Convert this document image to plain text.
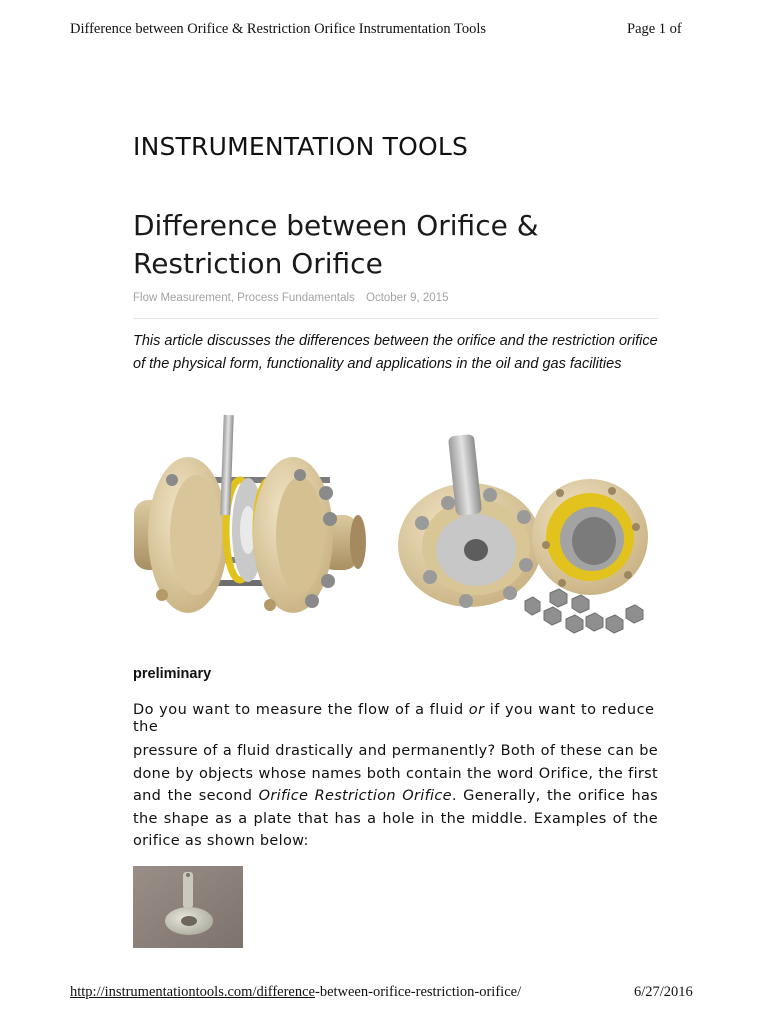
Difference between Orifice & Restriction Orifice Instrumentation Tools	Page 1 of
INSTRUMENTATION TOOLS
Difference between Orifice & Restriction Orifice
Flow Measurement, Process Fundamentals October 9, 2015

This article discusses the differences between the orifice and the restriction orifice of the physical form, functionality and applications in the oil and gas facilities

preliminary

Do you want to measure the flow of a fluid or if you want to reduce the

pressure of a fluid drastically and permanently? Both of these can be done by objects whose names both contain the word Orifice, the first and the second Orifice Restriction Orifice. Generally, the orifice has the shape as a plate that has a hole in the middle. Examples of the orifice as shown below:

http://instrumentationtools.com/difference-between-orifice-restriction-orifice/	6/27/2016
